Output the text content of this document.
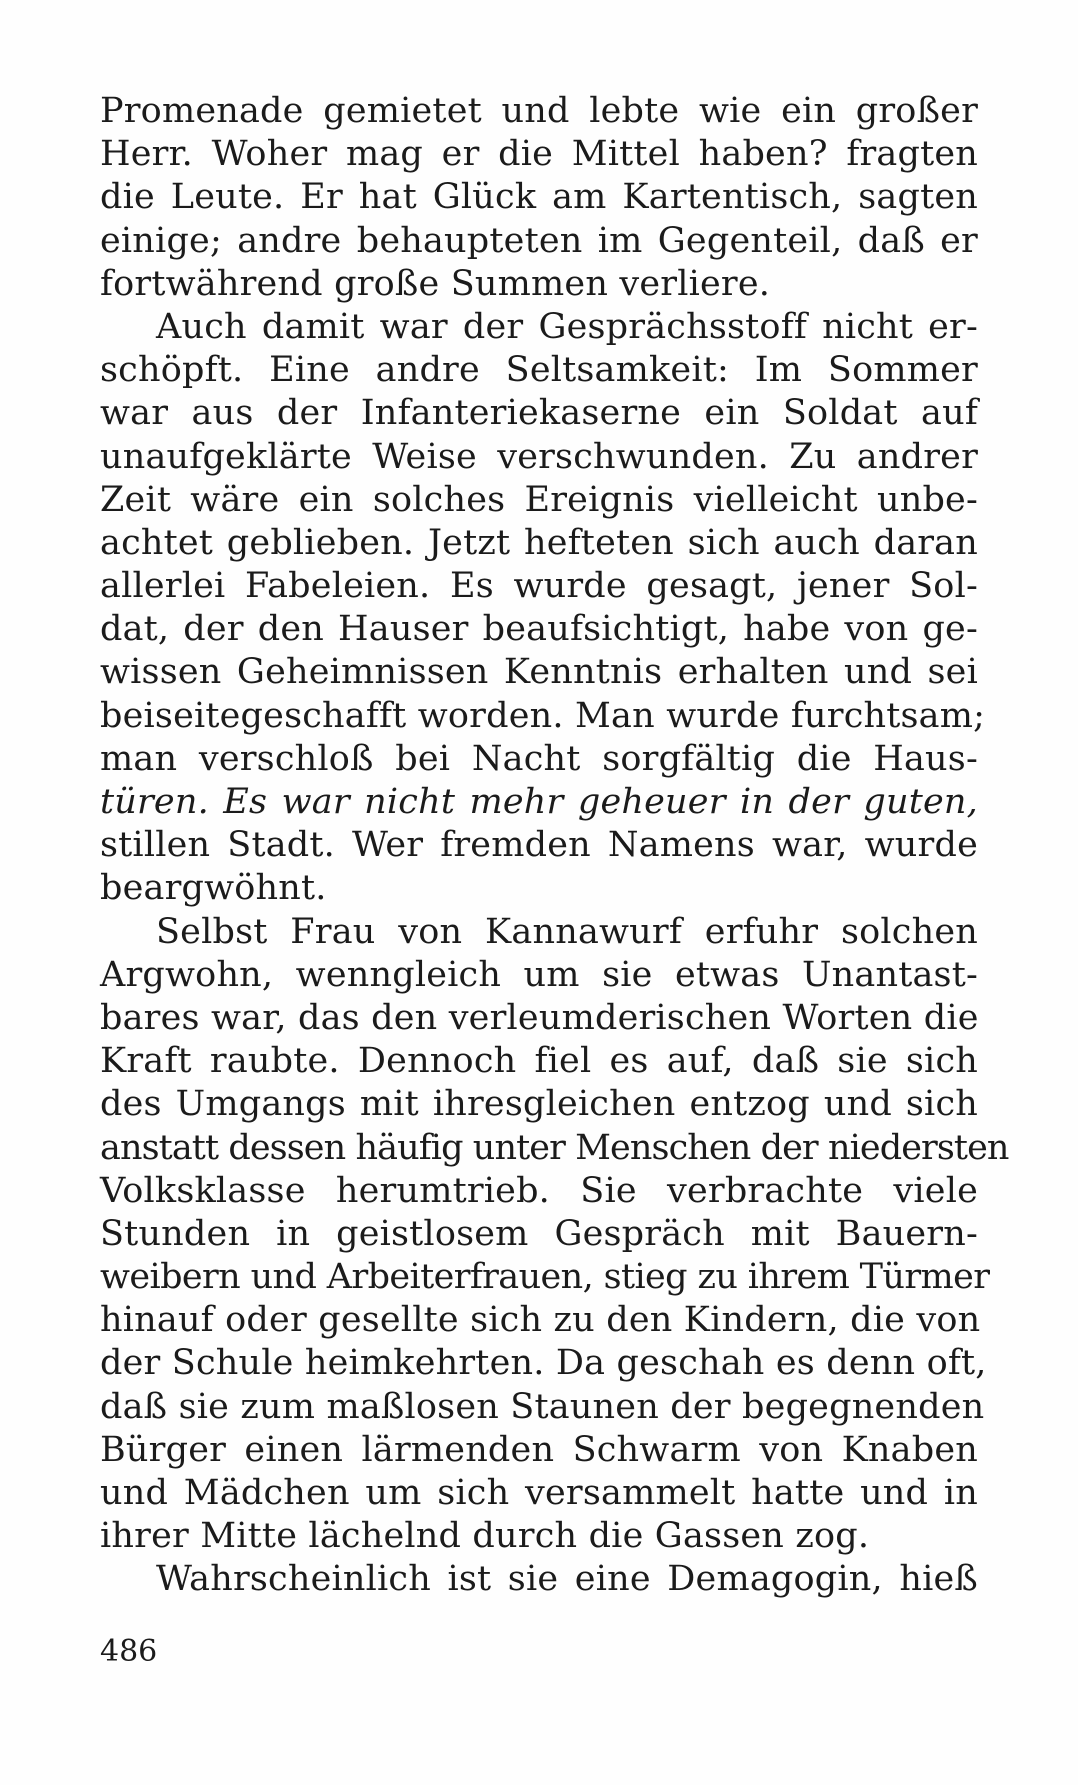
Promenade gemietet und lebte wie ein großer
Herr. Woher mag er die Mittel haben? fragten
die Leute. Er hat Glück am Kartentisch, sagten
einige; andre behaupteten im Gegenteil, daß er
fortwährend große Summen verliere.
Auch damit war der Gesprächsstoff nicht er-
schöpft. Eine andre Seltsamkeit: Im Sommer
war aus der Infanteriekaserne ein Soldat auf
unaufgeklärte Weise verschwunden. Zu andrer
Zeit wäre ein solches Ereignis vielleicht unbe-
achtet geblieben. Jetzt hefteten sich auch daran
allerlei Fabeleien. Es wurde gesagt, jener Sol-
dat, der den Hauser beaufsichtigt, habe von ge-
wissen Geheimnissen Kenntnis erhalten und sei
beiseitegeschafft worden. Man wurde furchtsam;
man verschloß bei Nacht sorgfältig die Haus-
türen. Es war nicht mehr geheuer in der guten,
stillen Stadt. Wer fremden Namens war, wurde
beargwöhnt.
Selbst Frau von Kannawurf erfuhr solchen
Argwohn, wenngleich um sie etwas Unantast-
bares war, das den verleumderischen Worten die
Kraft raubte. Dennoch fiel es auf, daß sie sich
des Umgangs mit ihresgleichen entzog und sich
anstatt dessen häufig unter Menschen der niedersten
Volksklasse herumtrieb. Sie verbrachte viele
Stunden in geistlosem Gespräch mit Bauern-
weibern und Arbeiterfrauen, stieg zu ihrem Türmer
hinauf oder gesellte sich zu den Kindern, die von
der Schule heimkehrten. Da geschah es denn oft,
daß sie zum maßlosen Staunen der begegnenden
Bürger einen lärmenden Schwarm von Knaben
und Mädchen um sich versammelt hatte und in
ihrer Mitte lächelnd durch die Gassen zog.
Wahrscheinlich ist sie eine Demagogin, hieß
486
